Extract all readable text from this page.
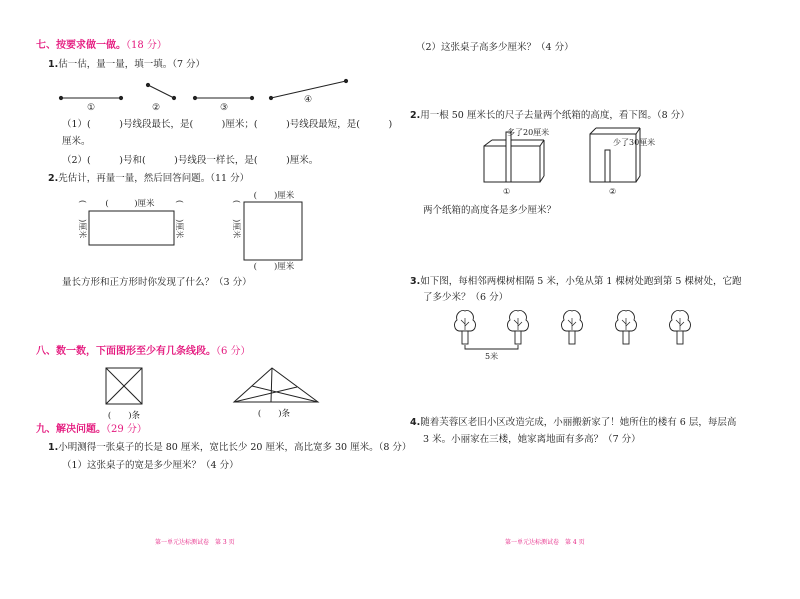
七、按要求做一做。（18 分）
1.估一估，量一量，填一填。（7 分）
①	②	③
④
（1）(　　　)号线段最长，是(　　　)厘米；(　　　)号线段最短，是(　　　)
厘米。
（2）(　　　)号和(　　　)号线段一样长，是(　　　)厘米。
2.先估计，再量一量，然后回答问题。（11 分）
(　　　)厘米
(　　)厘米	(　　)厘米
(　　)厘米
(　　)厘米
(　　)厘米
量长方形和正方形时你发现了什么？（3 分）
八、数一数，下面图形至少有几条线段。（6 分）
(　　)条	(　　)条
九、解决问题。（29 分）
1.小明测得一张桌子的长是 80 厘米，宽比长少 20 厘米，高比宽多 30 厘米。（8 分）
（1）这张桌子的宽是多少厘米？（4 分）
第一单元达标测试卷　第 3 页
（2）这张桌子高多少厘米？（4 分）
2.用一根 50 厘米长的尺子去量两个纸箱的高度，看下图。（8 分）
多了20厘米
少了30厘米
①	②
两个纸箱的高度各是多少厘米？
3.如下图，每相邻两棵树相隔 5 米，小兔从第 1 棵树处跑到第 5 棵树处，它跑
了多少米？（6 分）
5米
4.随着芙蓉区老旧小区改造完成，小丽搬新家了！她所住的楼有 6 层，每层高
3 米。小丽家在三楼，她家离地面有多高？（7 分）
第一单元达标测试卷　第 4 页
